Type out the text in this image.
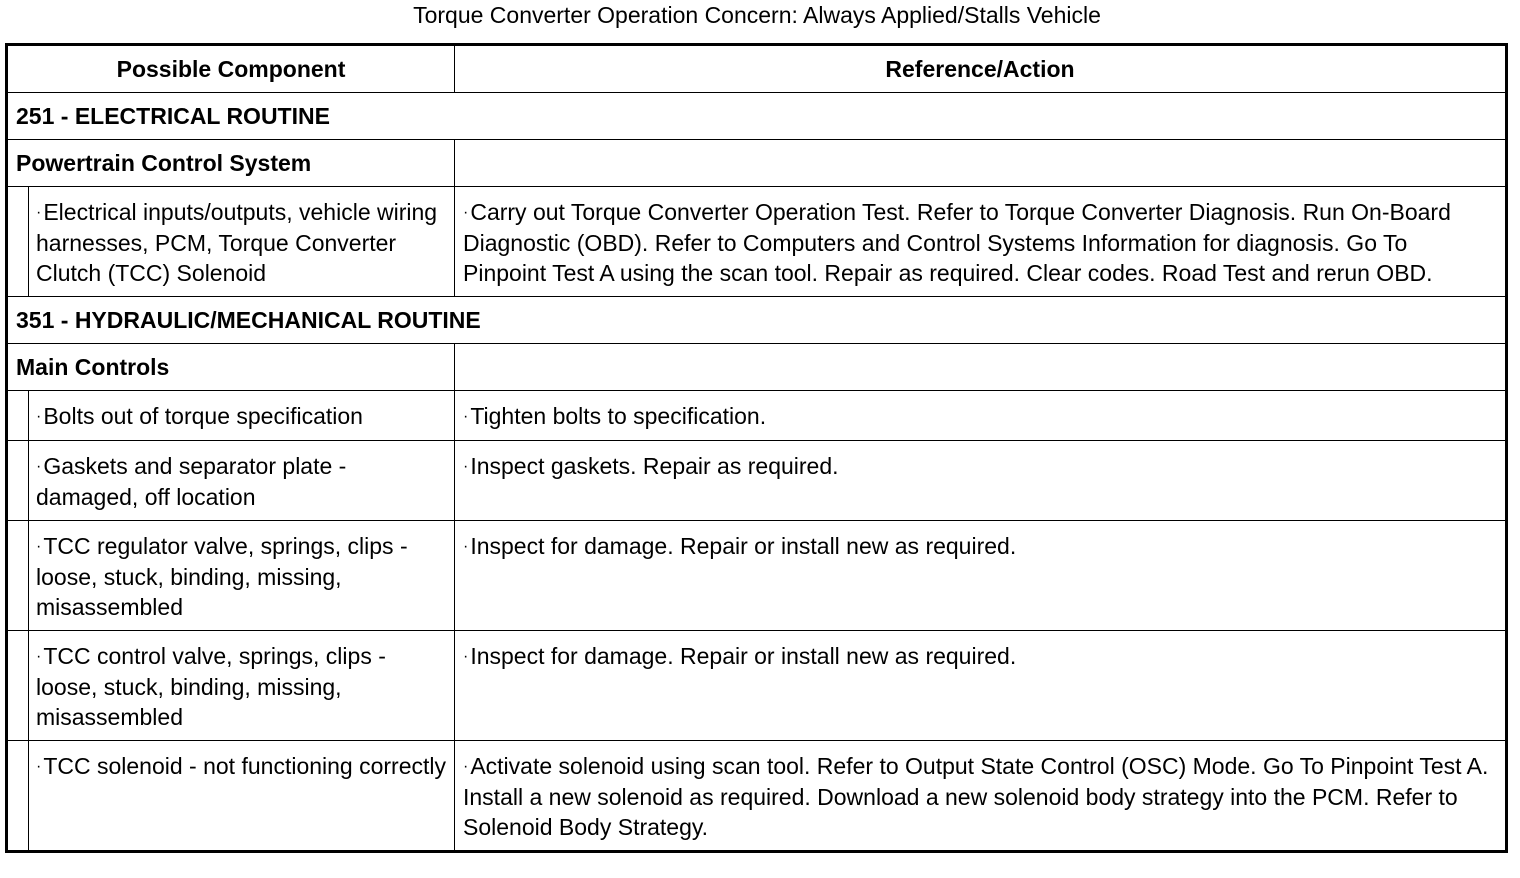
Torque Converter Operation Concern: Always Applied/Stalls Vehicle
Possible Component		Reference/Action
251 - ELECTRICAL ROUTINE		
Powertrain Control System		
	·Electrical inputs/outputs, vehicle wiring harnesses, PCM, Torque Converter Clutch (TCC) Solenoid	·Carry out Torque Converter Operation Test. Refer to Torque Converter Diagnosis. Run On-Board Diagnostic (OBD). Refer to Computers and Control Systems Information for diagnosis. Go To Pinpoint Test A using the scan tool. Repair as required. Clear codes. Road Test and rerun OBD.
351 - HYDRAULIC/MECHANICAL ROUTINE		
Main Controls		
	·Bolts out of torque specification	·Tighten bolts to specification.
	·Gaskets and separator plate - damaged, off location	·Inspect gaskets. Repair as required.
	·TCC regulator valve, springs, clips - loose, stuck, binding, missing, misassembled	·Inspect for damage. Repair or install new as required.
	·TCC control valve, springs, clips - loose, stuck, binding, missing, misassembled	·Inspect for damage. Repair or install new as required.
	·TCC solenoid - not functioning correctly	·Activate solenoid using scan tool. Refer to Output State Control (OSC) Mode. Go To Pinpoint Test A. Install a new solenoid as required. Download a new solenoid body strategy into the PCM. Refer to Solenoid Body Strategy.
